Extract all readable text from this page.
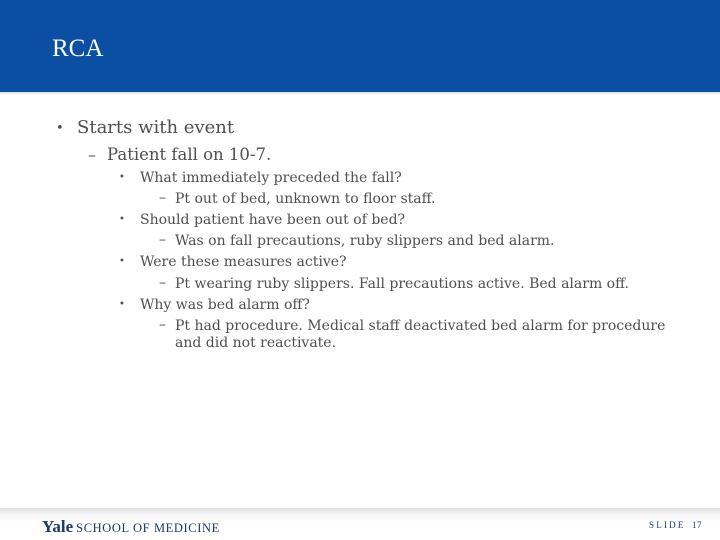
RCA
• Starts with event
– Patient fall on 10-7.
• What immediately preceded the fall?
– Pt out of bed, unknown to floor staff.
• Should patient have been out of bed?
– Was on fall precautions, ruby slippers and bed alarm.
• Were these measures active?
– Pt wearing ruby slippers. Fall precautions active. Bed alarm off.
• Why was bed alarm off?
– Pt had procedure. Medical staff deactivated bed alarm for procedure
and did not reactivate.
Yale SCHOOL OF MEDICINE	SLIDE 17
